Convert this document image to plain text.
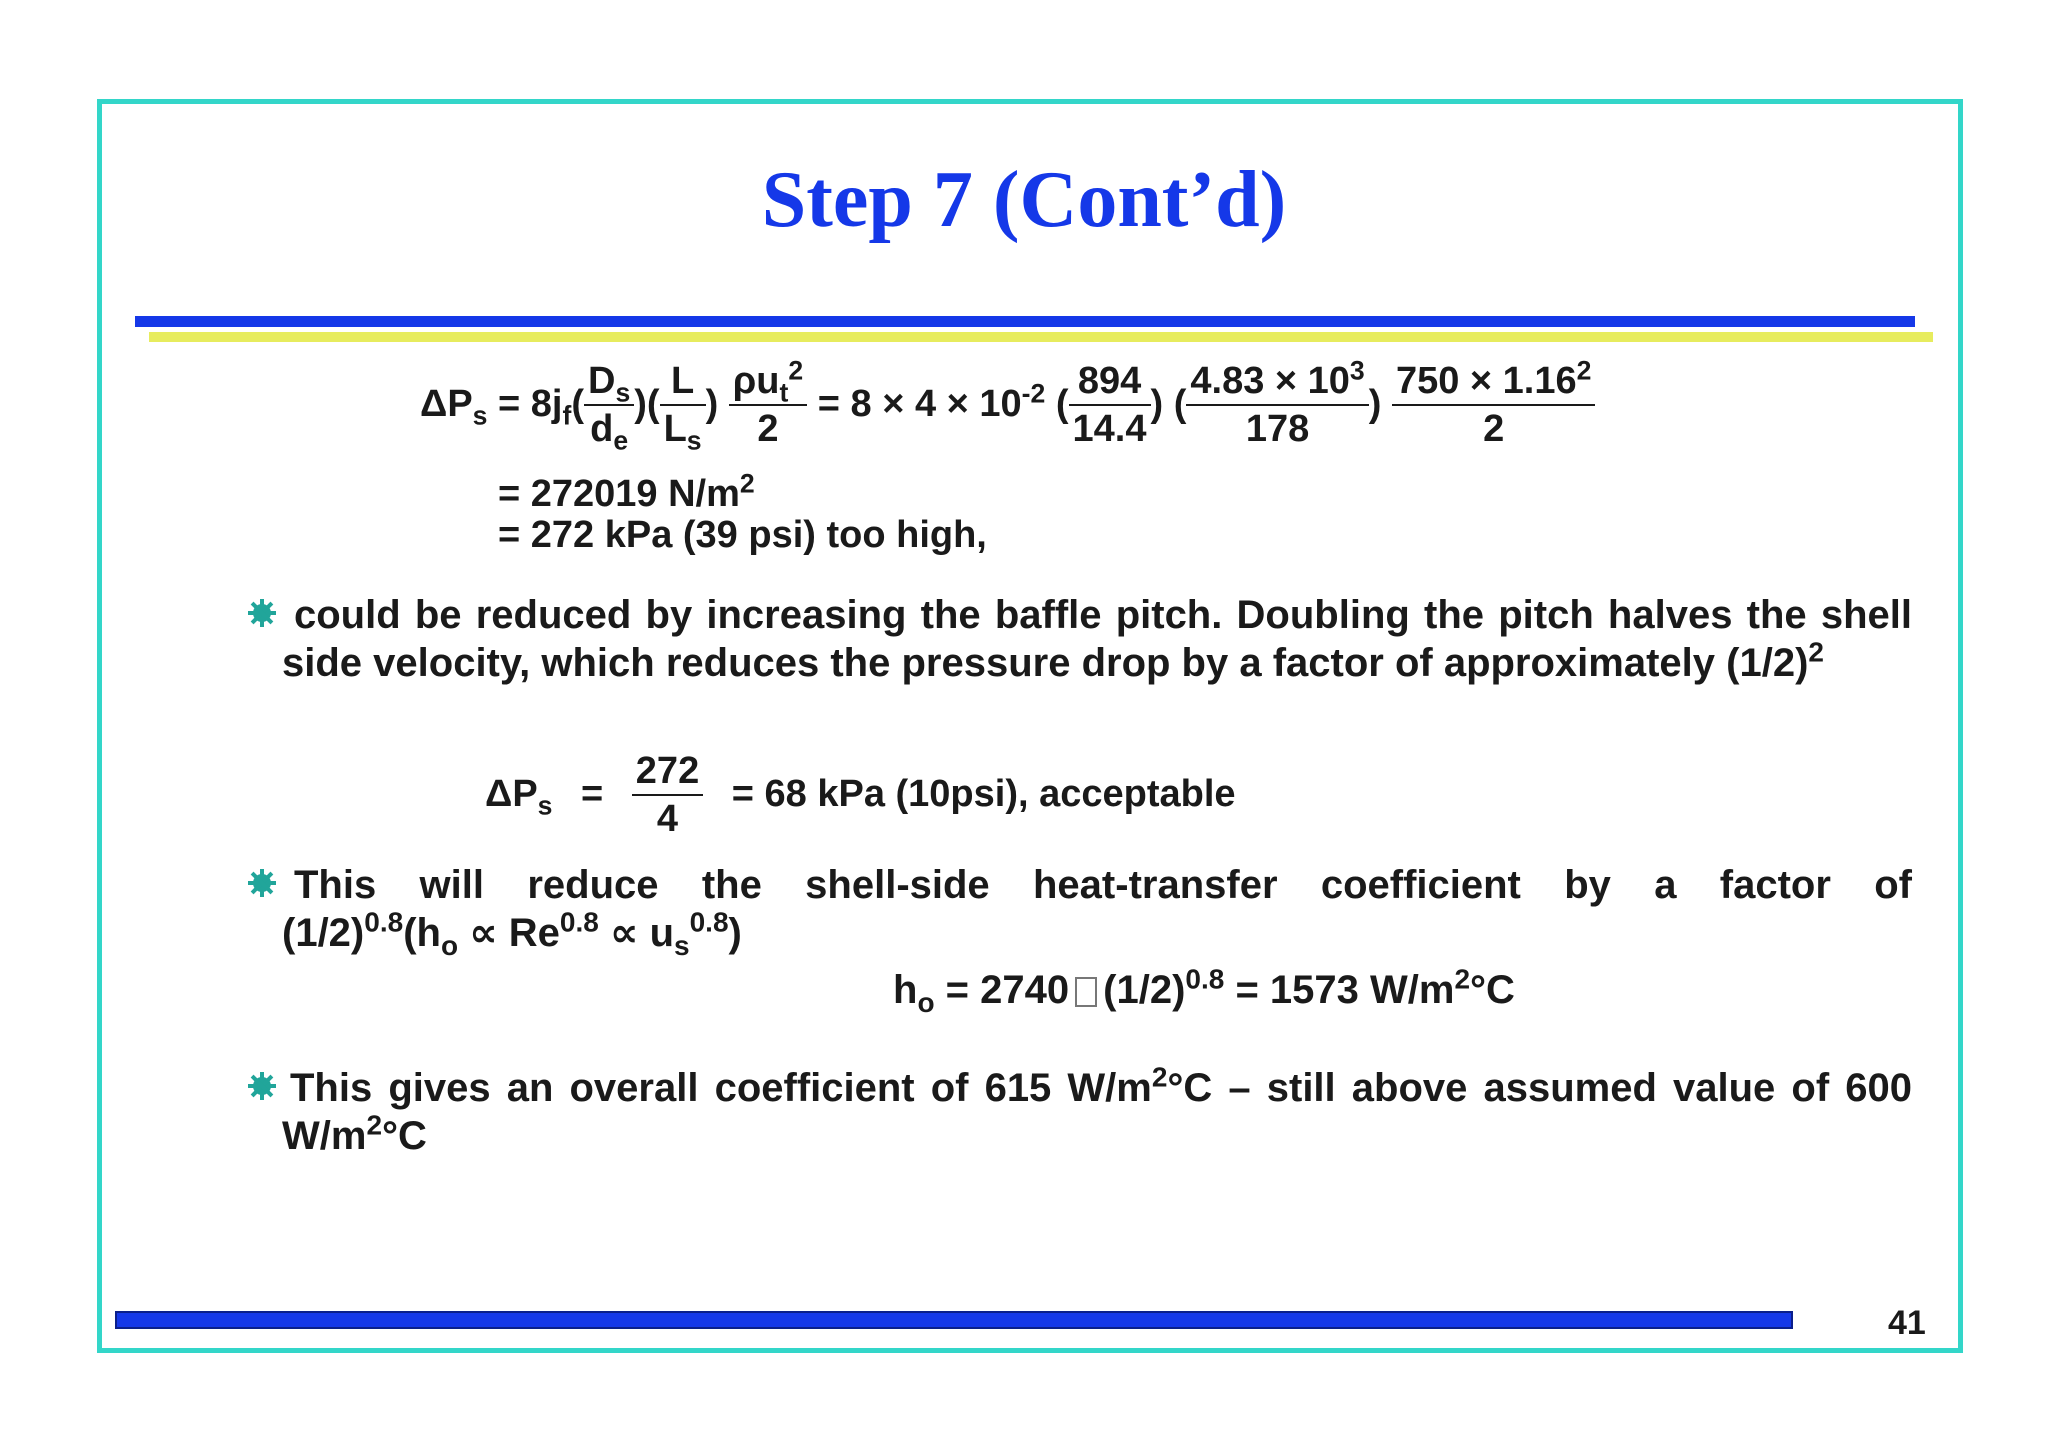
Step 7 (Cont’d)
$\Delta P_s = 8j_f( \frac{D_s}{d_e}$ )( $\frac{L}{L_s}$ ) $\frac{\rho u_t^2}{2} = 8 \times 4 \times 10^{-2}$ ( $\frac{894}{14.4}$ ) ( $\frac{4.83 \times 10^3}{178}$ ) $\frac{750 \times 1.16^2}{2}$
= 272019 $N/m^2$
= 272 kPa (39 psi) too high,
could be reduced by increasing the baffle pitch. Doubling the pitch halves the shell side velocity, which reduces the pressure drop by a factor of approximately $(1/2)^2$
$\Delta P_s = \frac{272}{4} = 68$ kPa (10psi), acceptable
This will reduce the shell-side heat-transfer coefficient by a factor of
$(1/2)^{0.8}(h_o \propto Re^{0.8} \propto u_s^{0.8})$
$h_o = 2740$ $(1/2)^{0.8} = 1573$ $W/m^2^\circ C$
This gives an overall coefficient of 615 $W/m^2^\circ C$ – still above assumed value of 600 $W/m^2^\circ C$
41
